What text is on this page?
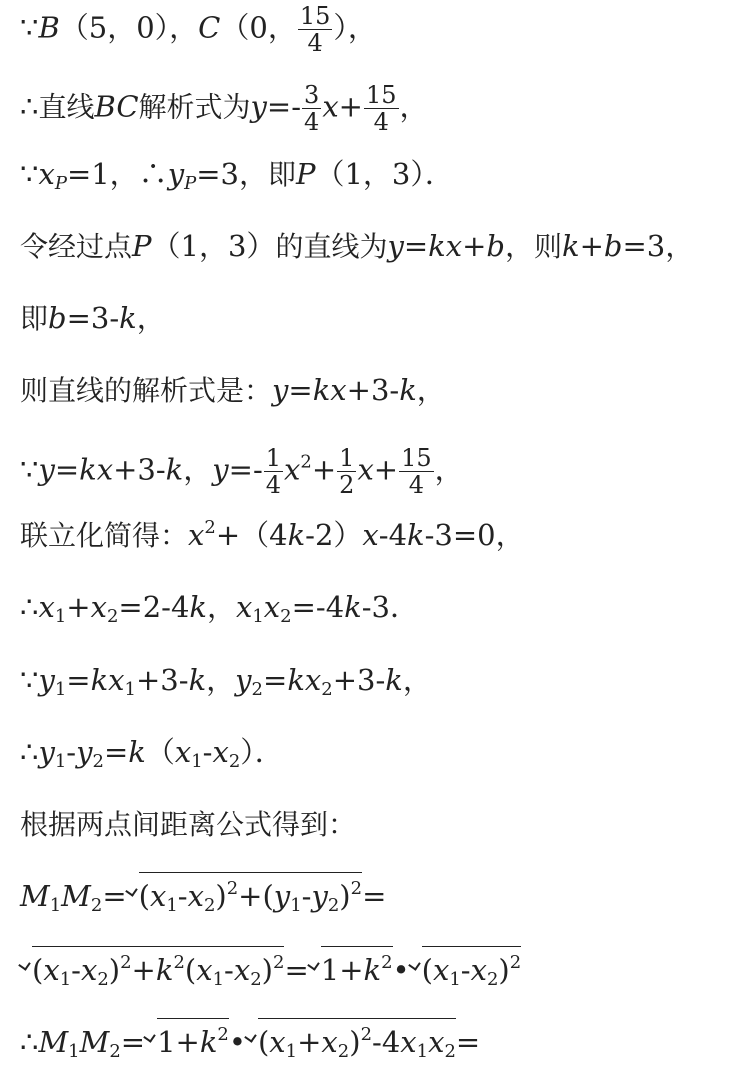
∵B（5，0），C（0， $\frac{15}{4}$ ），
∴直线BC解析式为$y=- \frac{3}{4} x+ \frac{15}{4}$ ，
$\because x_P=1$，$\therefore y_P=3$，即P（1，3）．
令经过点P（1，3）的直线为y=kx+b，则k+b=3，
即b=3-k，
则直线的解析式是：y=kx+3-k，
∵y=kx+3-k，$y=- \frac{1}{4} x^2+ \frac{1}{2} x+ \frac{15}{4}$ ，
联立化简得：$x^2+(4k-2)x-4k-3=0$，
$\therefore x_1+x_2=2-4k$，$x_1x_2=-4k-3$．
$\because y_1=kx_1+3-k$，$y_2=kx_2+3-k$，
$\therefore y_1-y_2=k(x_1-x_2)$．
根据两点间距离公式得到：
$M_1M_2= (x_1-x_2)^2+(y_1-y_2)^2=$
$(x_1-x_2)^2+k^2(x_1-x_2)^2=$ $1+k^2•$ $(x_1-x_2)^2$
$\therefore M_1M_2=$ $1+k^2•$ $(x_1+x_2)^2-4x_1x_2=$
